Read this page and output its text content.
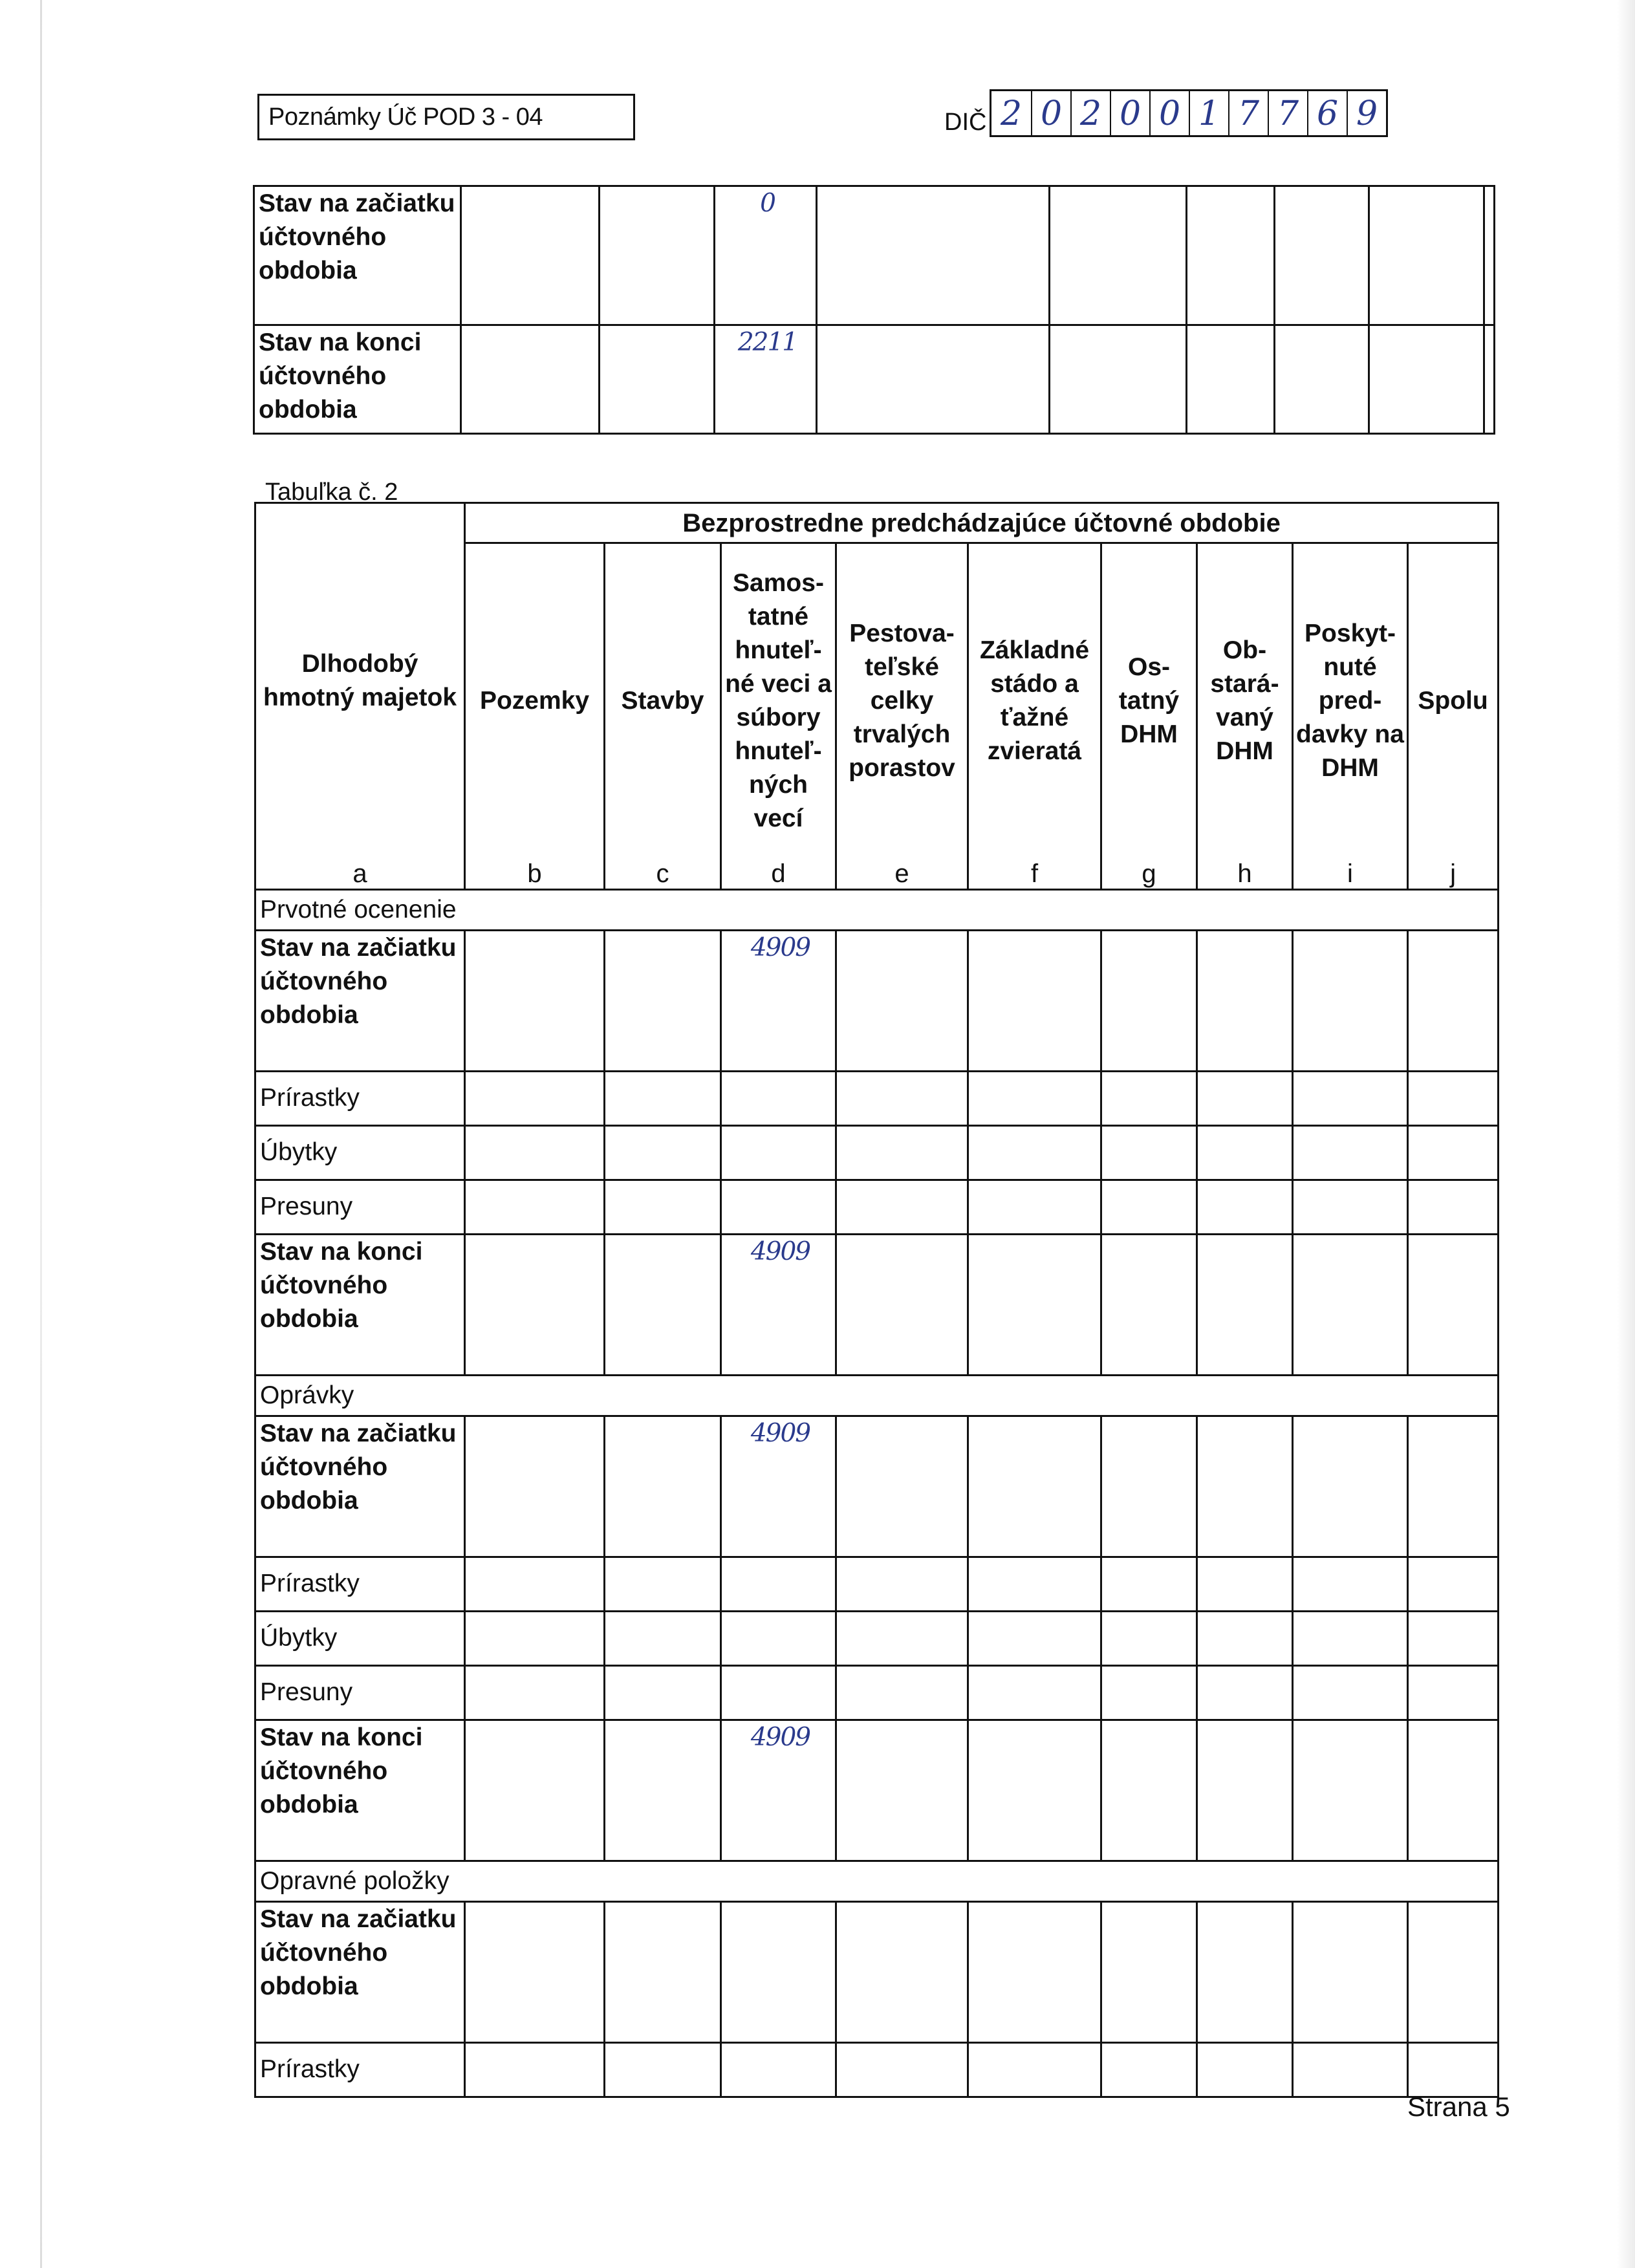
Poznámky Úč POD 3 - 04	DIČ 2 0 2 0 0 1 7 7 6 9
Stav na začiatku účtovného obdobia			0						
Stav na konci účtovného obdobia			2211						
Tabuľka č. 2
Dlhodobý hmotný majetok	Bezprostredne predchádzajúce účtovné obdobie								
	Pozemky	Stavby	Samos- tatné hnuteľ- né veci a súbory hnuteľ- ných vecí	Pestova- teľské celky trvalých porastov	Základné stádo a ťažné zvieratá	Os- tatný DHM	Ob- stará- vaný DHM	Poskyt- nuté pred- davky na DHM	Spolu
a	b	c	d	e	f	g	h	i	j
Prvotné ocenenie									
Stav na začiatku účtovného obdobia			4909						
Prírastky									
Úbytky									
Presuny									
Stav na konci účtovného obdobia			4909						
Oprávky									
Stav na začiatku účtovného obdobia			4909						
Prírastky									
Úbytky									
Presuny									
Stav na konci účtovného obdobia			4909						
Opravné položky									
Stav na začiatku účtovného obdobia									
Prírastky									
Strana 5
